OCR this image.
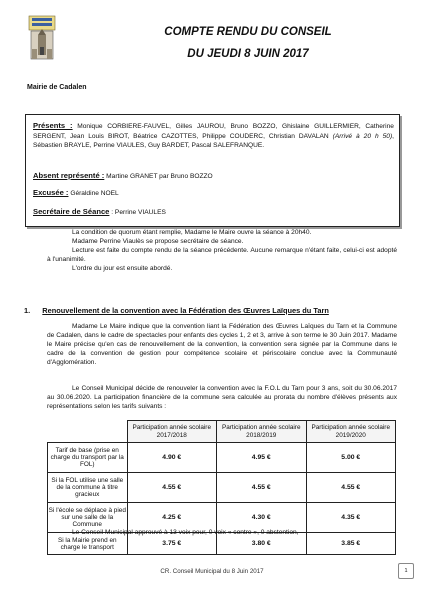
Mairie de Cadalen
COMPTE RENDU DU CONSEIL
DU JEUDI 8 JUIN 2017
Présents : Monique CORBIERE-FAUVEL, Gilles JAUROU, Bruno BOZZO, Ghislaine GUILLERMIER, Catherine SERGENT, Jean Louis BIROT, Béatrice CAZOTTES, Philippe COUDERC, Christian DAVALAN (Arrivé à 20 h 50), Sébastien BRAYLE, Perrine VIAULES, Guy BARDET, Pascal SALEFRANQUE.
Absent représenté : Martine GRANET par Bruno BOZZO
Excusée : Géraldine NOEL
Secrétaire de Séance : Perrine VIAULES
La condition de quorum étant remplie, Madame le Maire ouvre la séance à 20h40.
Madame Perrine Viaulès se propose secrétaire de séance.
Lecture est faite du compte rendu de la séance précédente. Aucune remarque n'étant faite, celui-ci est adopté à l'unanimité.
L'ordre du jour est ensuite abordé.
1. Renouvellement de la convention avec la Fédération des Œuvres Laïques du Tarn
Madame Le Maire indique que la convention liant la Fédération des Œuvres Laïques du Tarn et la Commune de Cadalen, dans le cadre de spectacles pour enfants des cycles 1, 2 et 3, arrive à son terme le 30 Juin 2017. Madame le Maire précise qu'en cas de renouvellement de la convention, la convention sera signée par la Commune dans le cadre de la convention de gestion pour compétence scolaire et périscolaire conclue avec la Communauté d'Agglomération.
Le Conseil Municipal décide de renouveler la convention avec la F.O.L du Tarn pour 3 ans, soit du 30.06.2017 au 30.06.2020. La participation financière de la commune sera calculée au prorata du nombre d'élèves présents aux représentations selon les tarifs suivants :
	Participation année scolaire 2017/2018	Participation année scolaire 2018/2019	Participation année scolaire 2019/2020
Tarif de base (prise en charge du transport par la FOL)	4.90 €	4.95 €	5.00 €
Si la FOL utilise une salle de la commune à titre gracieux	4.55 €	4.55 €	4.55 €
Si l'école se déplace à pied sur une salle de la Commune	4.25 €	4.30 €	4.35 €
Si la Mairie prend en charge le transport	3.75 €	3.80 €	3.85 €
Le Conseil Municipal approuvé à 13 voix pour, 0 voix « contre », 0 abstention,
CR. Conseil Municipal du 8 Juin 2017	1
